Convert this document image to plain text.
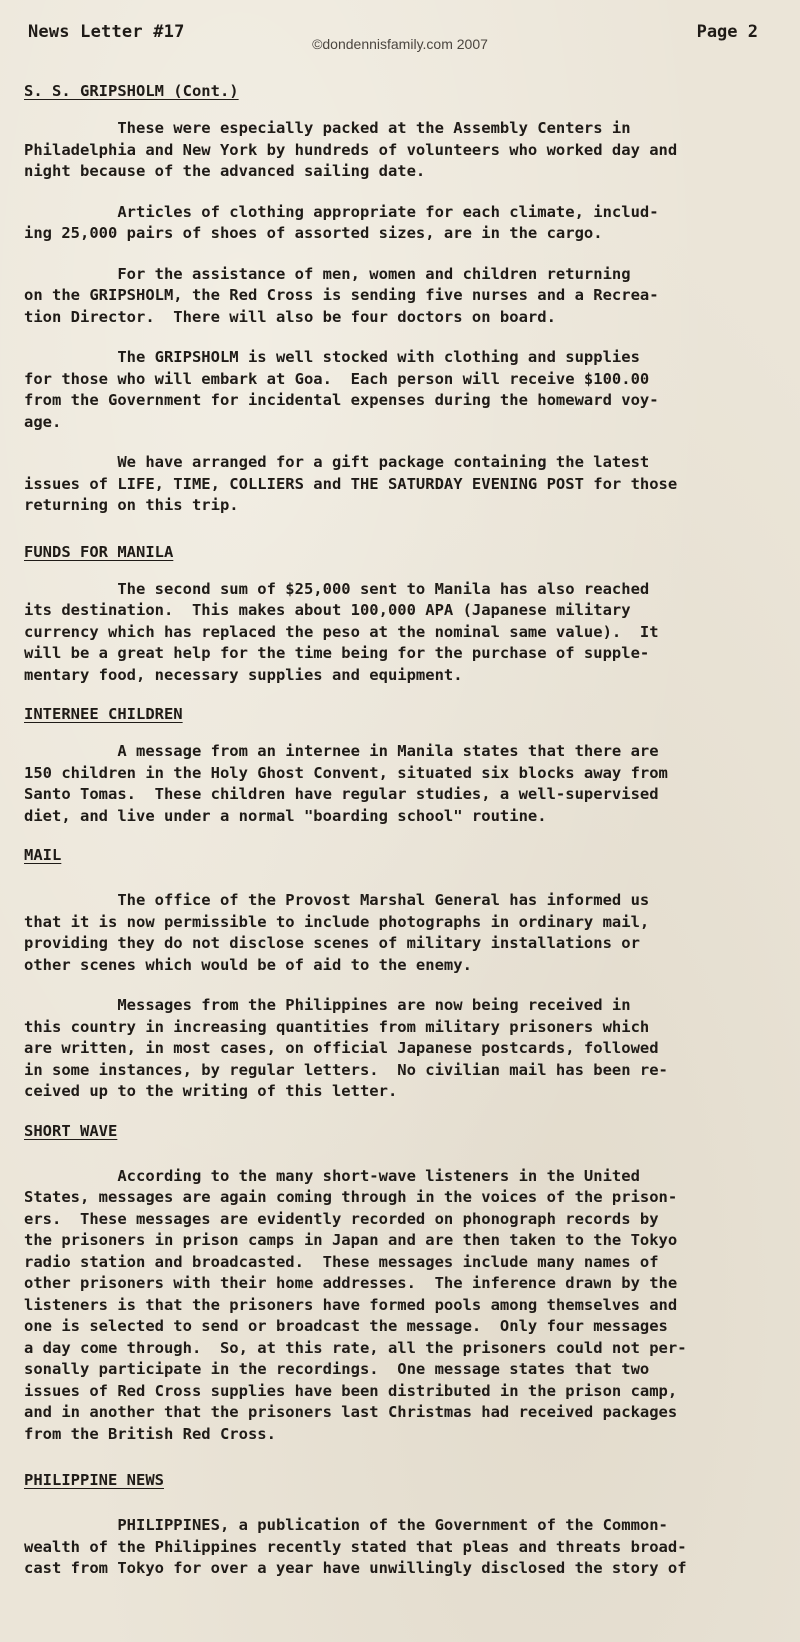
News Letter #17
©dondennisfamily.com 2007
Page 2
S. S. GRIPSHOLM (Cont.)

These were especially packed at the Assembly Centers in
Philadelphia and New York by hundreds of volunteers who worked day and
night because of the advanced sailing date.

Articles of clothing appropriate for each climate, includ-
ing 25,000 pairs of shoes of assorted sizes, are in the cargo.

For the assistance of men, women and children returning
on the GRIPSHOLM, the Red Cross is sending five nurses and a Recrea-
tion Director.  There will also be four doctors on board.

The GRIPSHOLM is well stocked with clothing and supplies
for those who will embark at Goa.  Each person will receive $100.00
from the Government for incidental expenses during the homeward voy-
age.

We have arranged for a gift package containing the latest
issues of LIFE, TIME, COLLIERS and THE SATURDAY EVENING POST for those
returning on this trip.

FUNDS FOR MANILA

The second sum of $25,000 sent to Manila has also reached
its destination.  This makes about 100,000 APA (Japanese military
currency which has replaced the peso at the nominal same value).  It
will be a great help for the time being for the purchase of supple-
mentary food, necessary supplies and equipment.

INTERNEE CHILDREN

A message from an internee in Manila states that there are
150 children in the Holy Ghost Convent, situated six blocks away from
Santo Tomas.  These children have regular studies, a well-supervised
diet, and live under a normal "boarding school" routine.

MAIL

The office of the Provost Marshal General has informed us
that it is now permissible to include photographs in ordinary mail,
providing they do not disclose scenes of military installations or
other scenes which would be of aid to the enemy.

Messages from the Philippines are now being received in
this country in increasing quantities from military prisoners which
are written, in most cases, on official Japanese postcards, followed
in some instances, by regular letters.  No civilian mail has been re-
ceived up to the writing of this letter.

SHORT WAVE

According to the many short-wave listeners in the United
States, messages are again coming through in the voices of the prison-
ers.  These messages are evidently recorded on phonograph records by
the prisoners in prison camps in Japan and are then taken to the Tokyo
radio station and broadcasted.  These messages include many names of
other prisoners with their home addresses.  The inference drawn by the
listeners is that the prisoners have formed pools among themselves and
one is selected to send or broadcast the message.  Only four messages
a day come through.  So, at this rate, all the prisoners could not per-
sonally participate in the recordings.  One message states that two
issues of Red Cross supplies have been distributed in the prison camp,
and in another that the prisoners last Christmas had received packages
from the British Red Cross.

PHILIPPINE NEWS

PHILIPPINES, a publication of the Government of the Common-
wealth of the Philippines recently stated that pleas and threats broad-
cast from Tokyo for over a year have unwillingly disclosed the story of
